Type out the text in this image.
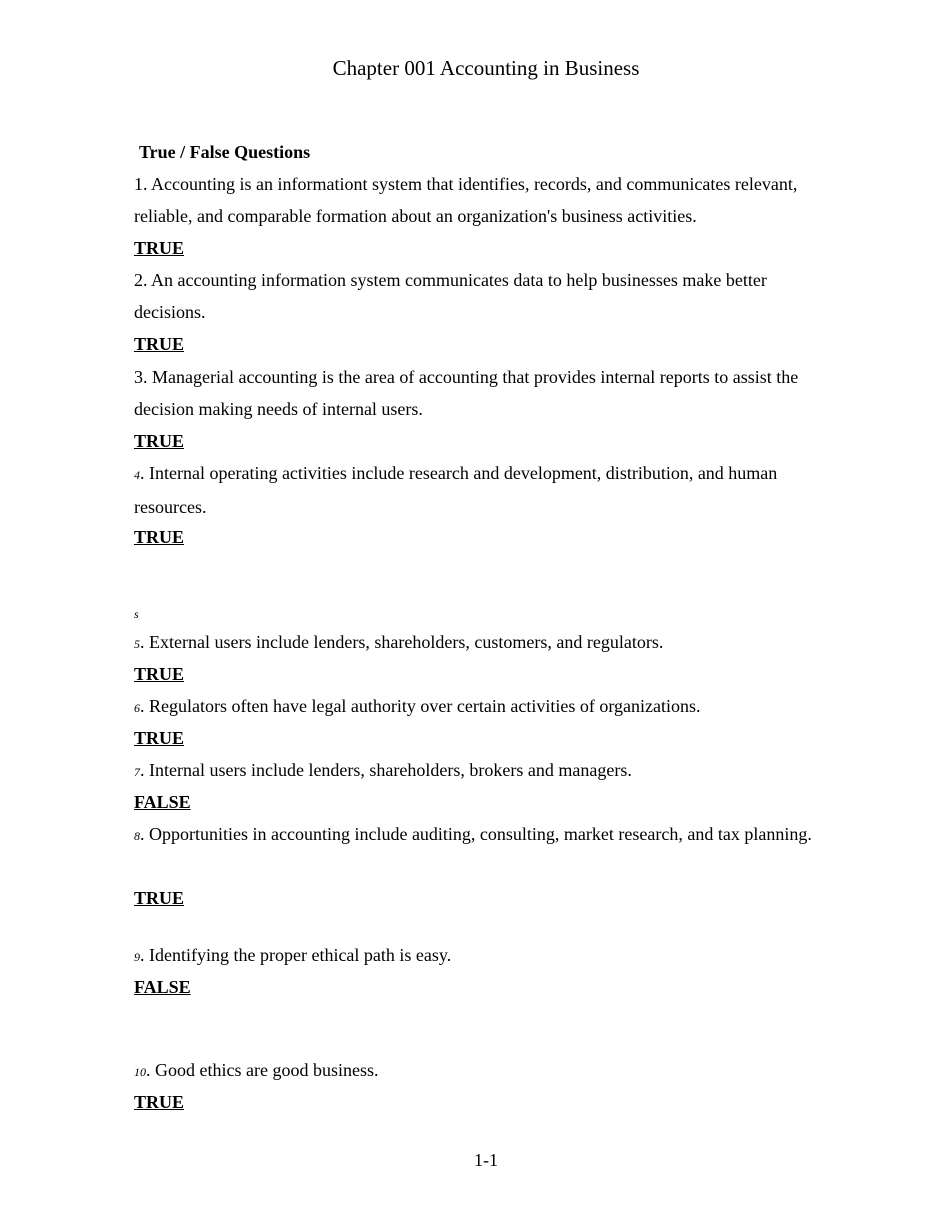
Chapter 001 Accounting in Business
True / False Questions
1. Accounting is an informationt system that identifies, records, and communicates relevant, reliable, and comparable formation about an organization's business activities.
TRUE
2. An accounting information system communicates data to help businesses make better decisions.
TRUE
3. Managerial accounting is the area of accounting that provides internal reports to assist the decision making needs of internal users.
TRUE
4. Internal operating activities include research and development, distribution, and human resources.
TRUE
s
5. External users include lenders, shareholders, customers, and regulators.
TRUE
6. Regulators often have legal authority over certain activities of organizations.
TRUE
7. Internal users include lenders, shareholders, brokers and managers.
FALSE
8. Opportunities in accounting include auditing, consulting, market research, and tax planning.
TRUE
9. Identifying the proper ethical path is easy.
FALSE
10. Good ethics are good business.
TRUE
1-1
